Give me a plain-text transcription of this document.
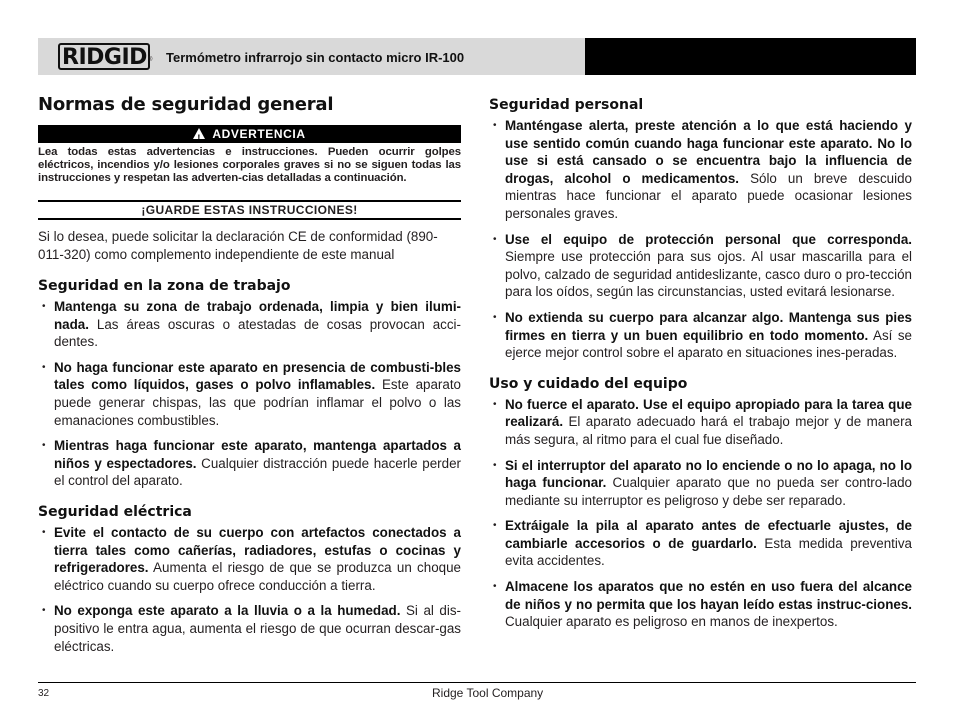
RIDGID ® Termómetro infrarrojo sin contacto micro IR-100
Normas de seguridad general
! ADVERTENCIA

Lea todas estas advertencias e instrucciones. Pueden ocurrir golpes eléctricos, incendios y/o lesiones corporales graves si no se siguen todas las instrucciones y respetan las adverten-cias detalladas a continuación.

¡GUARDE ESTAS INSTRUCCIONES!

Si lo desea, puede solicitar la declaración CE de conformidad (890-011-320) como complemento independiente de este manual

Seguridad en la zona de trabajo
• Mantenga su zona de trabajo ordenada, limpia y bien ilumi-nada. Las áreas oscuras o atestadas de cosas provocan acci-dentes.
• No haga funcionar este aparato en presencia de combusti-bles tales como líquidos, gases o polvo inflamables. Este aparato puede generar chispas, las que podrían inflamar el polvo o las emanaciones combustibles.
• Mientras haga funcionar este aparato, mantenga apartados a niños y espectadores. Cualquier distracción puede hacerle perder el control del aparato.
Seguridad eléctrica
• Evite el contacto de su cuerpo con artefactos conectados a tierra tales como cañerías, radiadores, estufas o cocinas y refrigeradores. Aumenta el riesgo de que se produzca un choque eléctrico cuando su cuerpo ofrece conducción a tierra.
• No exponga este aparato a la lluvia o a la humedad. Si al dis-positivo le entra agua, aumenta el riesgo de que ocurran descar-gas eléctricas.
Seguridad personal
• Manténgase alerta, preste atención a lo que está haciendo y use sentido común cuando haga funcionar este aparato. No lo use si está cansado o se encuentra bajo la influencia de drogas, alcohol o medicamentos. Sólo un breve descuido mientras hace funcionar el aparato puede ocasionar lesiones personales graves.
• Use el equipo de protección personal que corresponda. Siempre use protección para sus ojos. Al usar mascarilla para el polvo, calzado de seguridad antideslizante, casco duro o pro-tección para los oídos, según las circunstancias, usted evitará lesionarse.
• No extienda su cuerpo para alcanzar algo. Mantenga sus pies firmes en tierra y un buen equilibrio en todo momento. Así se ejerce mejor control sobre el aparato en situaciones ines-peradas.
Uso y cuidado del equipo
• No fuerce el aparato. Use el equipo apropiado para la tarea que realizará. El aparato adecuado hará el trabajo mejor y de manera más segura, al ritmo para el cual fue diseñado.
• Si el interruptor del aparato no lo enciende o no lo apaga, no lo haga funcionar. Cualquier aparato que no pueda ser contro-lado mediante su interruptor es peligroso y debe ser reparado.
• Extráigale la pila al aparato antes de efectuarle ajustes, de cambiarle accesorios o de guardarlo. Esta medida preventiva evita accidentes.
• Almacene los aparatos que no estén en uso fuera del alcance de niños y no permita que los hayan leído estas instruc-ciones. Cualquier aparato es peligroso en manos de inexpertos.
32	Ridge Tool Company
